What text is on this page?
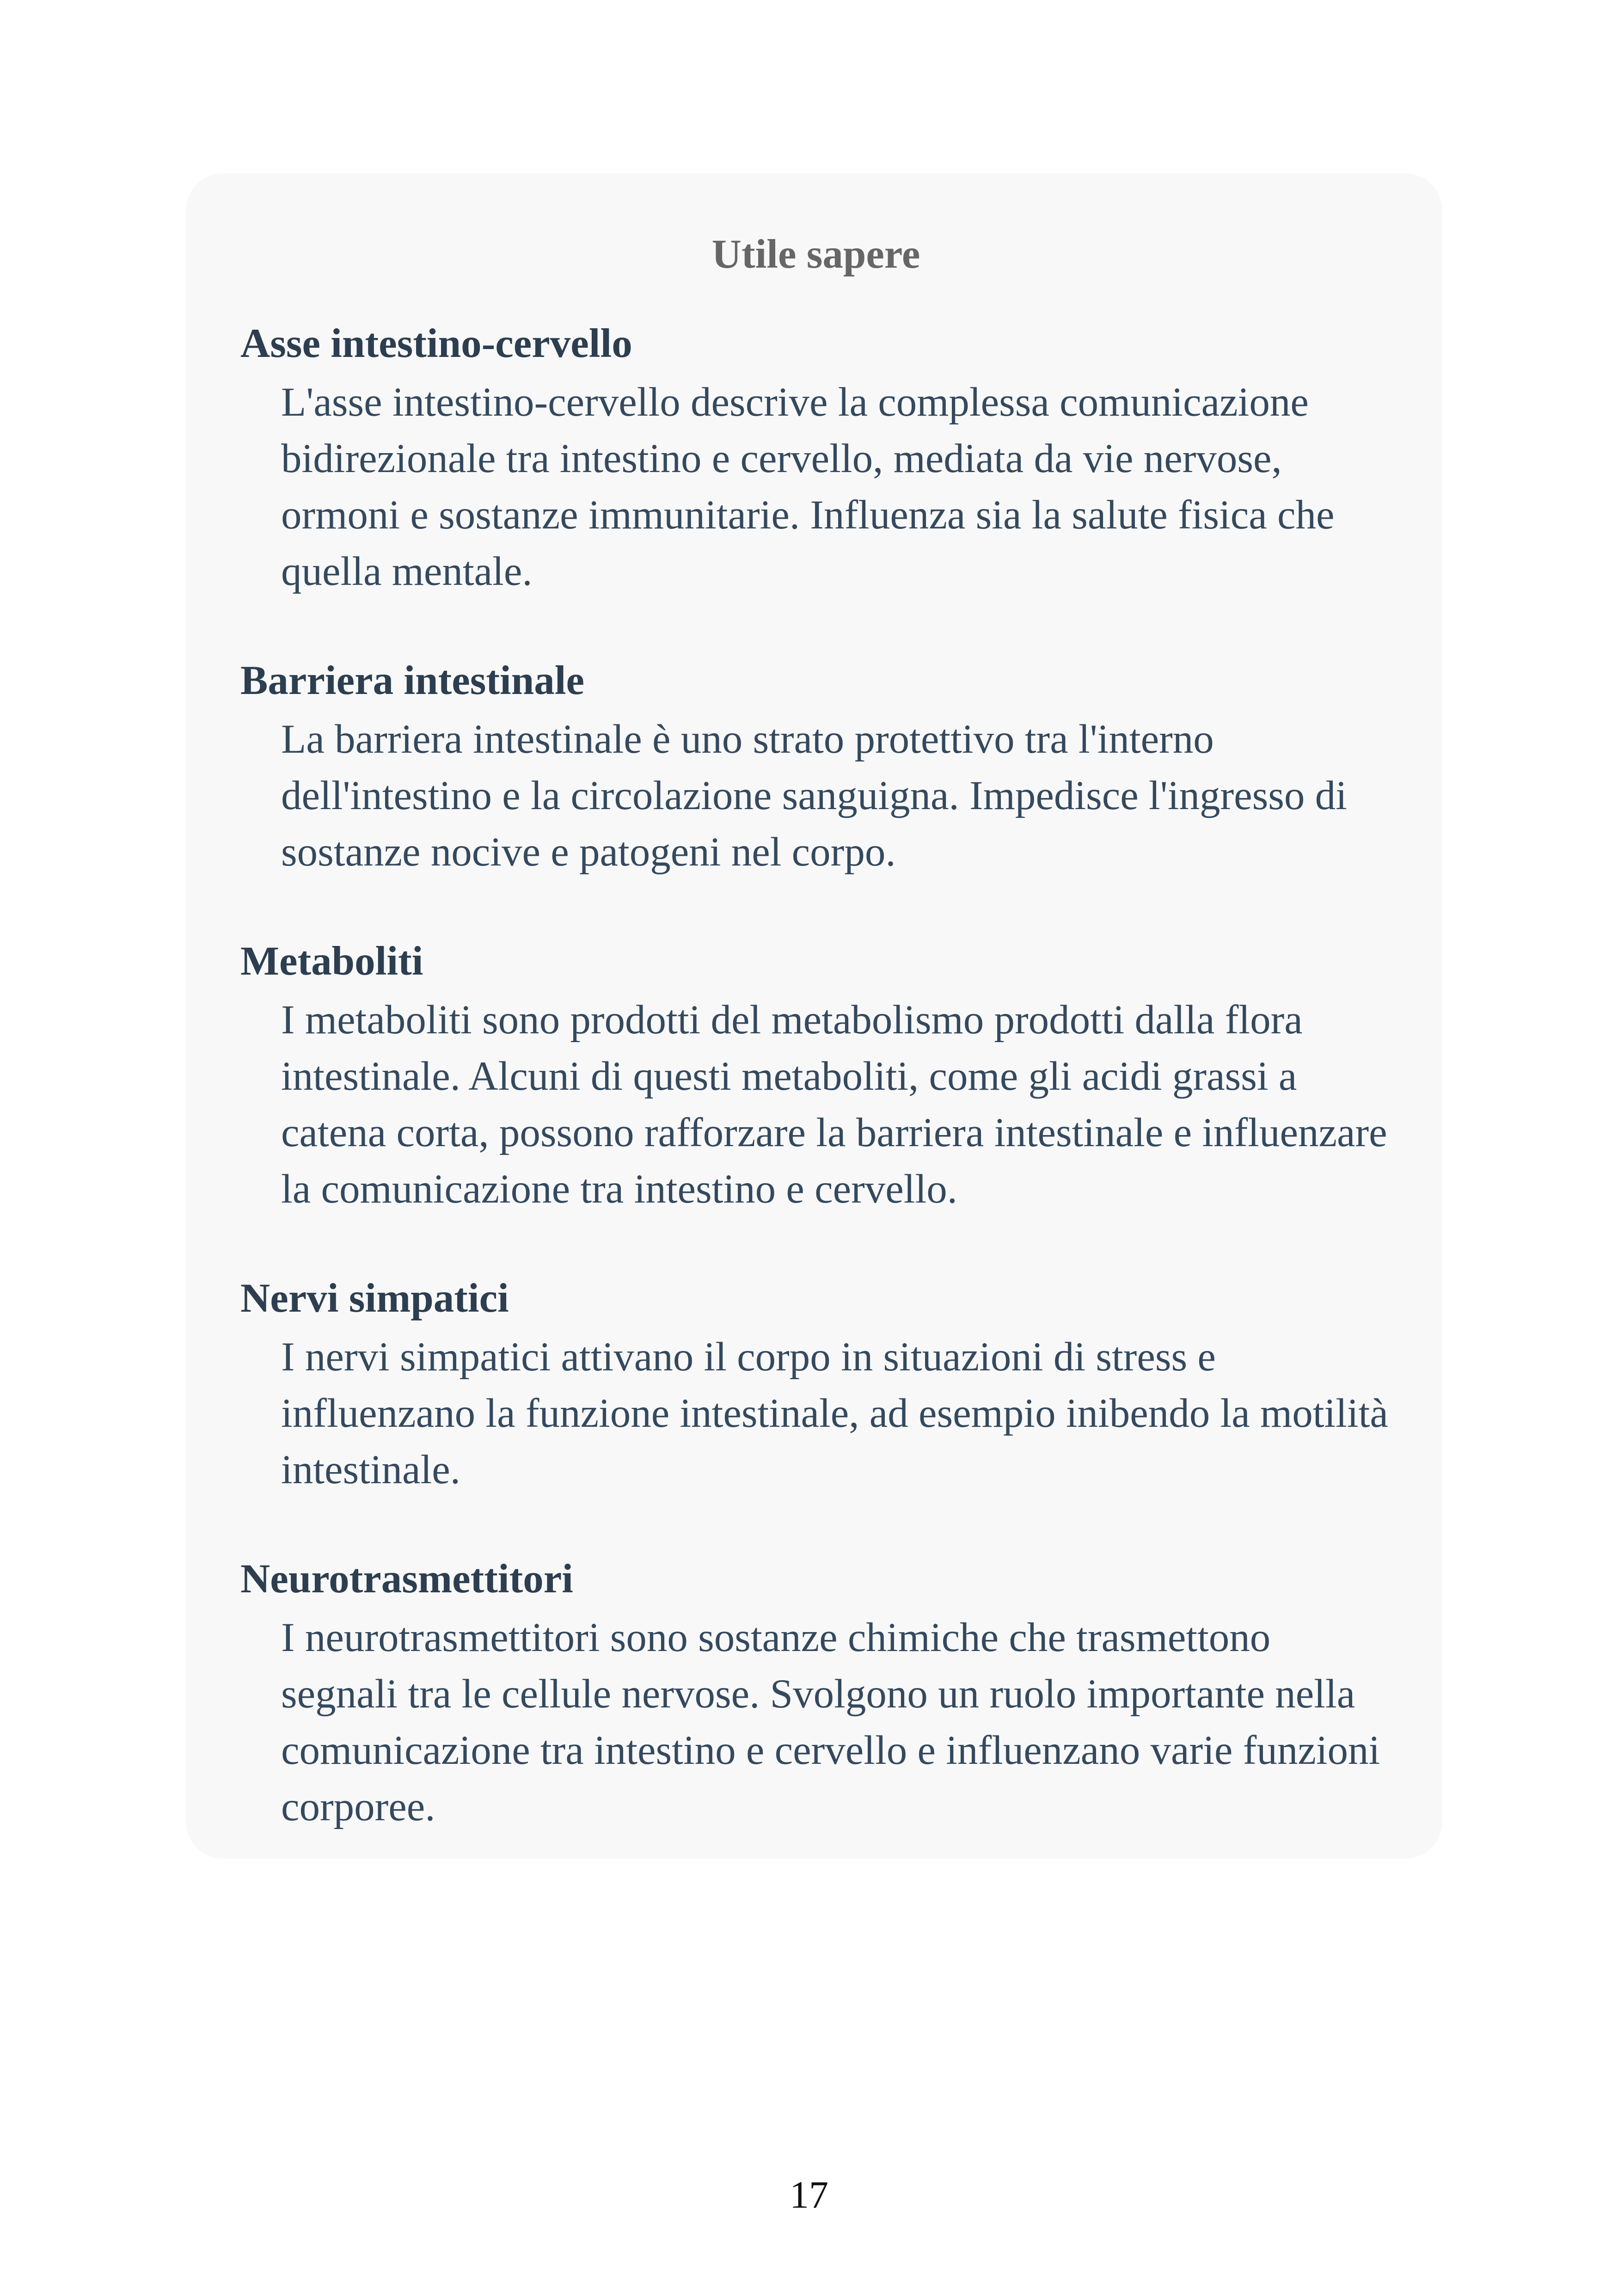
Utile sapere
Asse intestino-cervello
L'asse intestino-cervello descrive la complessa comunicazione bidirezionale tra intestino e cervello, mediata da vie nervose, ormoni e sostanze immunitarie. Influenza sia la salute fisica che quella mentale.
Barriera intestinale
La barriera intestinale è uno strato protettivo tra l'interno dell'intestino e la circolazione sanguigna. Impedisce l'ingresso di sostanze nocive e patogeni nel corpo.
Metaboliti
I metaboliti sono prodotti del metabolismo prodotti dalla flora intestinale. Alcuni di questi metaboliti, come gli acidi grassi a catena corta, possono rafforzare la barriera intestinale e influenzare la comunicazione tra intestino e cervello.
Nervi simpatici
I nervi simpatici attivano il corpo in situazioni di stress e influenzano la funzione intestinale, ad esempio inibendo la motilità intestinale.
Neurotrasmettitori
I neurotrasmettitori sono sostanze chimiche che trasmettono segnali tra le cellule nervose. Svolgono un ruolo importante nella comunicazione tra intestino e cervello e influenzano varie funzioni corporee.
17
